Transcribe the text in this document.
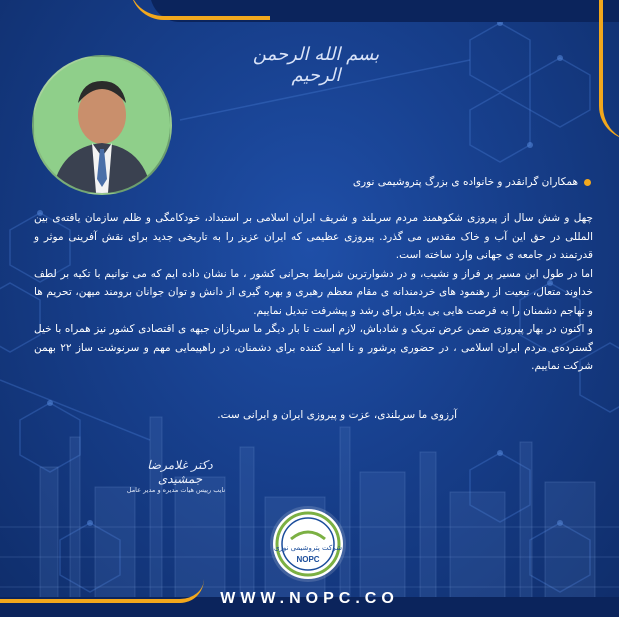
بسم الله الرحمن الرحیم
همکاران گرانقدر و خانواده ی بزرگ پتروشیمی نوری

چهل و شش سال از پیروزی شکوهمند مردم سربلند و شریف ایران اسلامی بر استبداد، خودکامگی و ظلم سازمان یافته‌ی بین المللی در حق این آب و خاک مقدس می گذرد. پیروزی عظیمی که ایران عزیز را به تاریخی جدید برای نقش آفرینی موثر و قدرتمند در جامعه ی جهانی وارد ساخته است.

اما در طول این مسیر پر فراز و نشیب، و در دشوارترین شرایط بحرانی کشور ، ما نشان داده ایم که می توانیم با تکیه بر لطف خداوند متعال، تبعیت از رهنمود های خردمندانه ی مقام معظم رهبری و بهره گیری از دانش و توان جوانان برومند میهن، تحریم ها و تهاجم دشمنان را به فرصت هایی بی بدیل برای رشد و پیشرفت تبدیل نماییم.

و اکنون در بهار پیروزی ضمن عرض تبریک و شادباش، لازم است تا بار دیگر ما سربازان جبهه ی اقتصادی کشور نیز همراه با خیل گسترده‌ی مردم ایران اسلامی ، در حضوری پرشور و نا امید کننده برای دشمنان، در راهپیمایی مهم و سرنوشت ساز ۲۲ بهمن شرکت نماییم.

آرزوی ما سربلندی، عزت و پیروزی ایران و ایرانی ست.
دکتر غلامرضا جمشیدی
نایب رییس هیات مدیره و مدیر عامل
شرکت پتروشیمی نوری
NOPC
WWW.NOPC.CO
